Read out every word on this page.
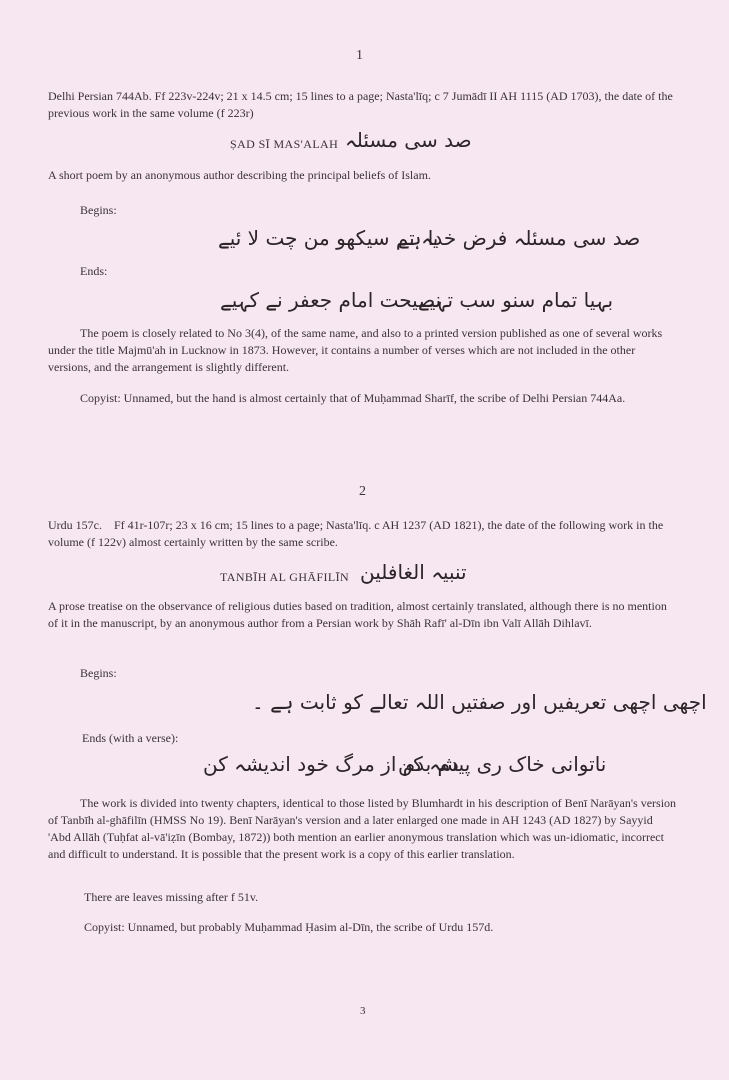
1
Delhi Persian 744Ab. Ff 223v-224v; 21 x 14.5 cm; 15 lines to a page; Nasta'līq; c 7 Jumādī II AH 1115 (AD 1703), the date of the previous work in the same volume (f 223r)
ṢAD SĪ MAS'ALAH صد سی مسئلہ
A short poem by an anonymous author describing the principal beliefs of Islam.
Begins:
صد سی مسئلہ فرض خدا ہے
یہ تم سیکھو من چت لا ئیے
Ends:
بہیا تمام سنو سب تہیے
نصیحت امام جعفر نے کہیے
The poem is closely related to No 3(4), of the same name, and also to a printed version published as one of several works under the title Majmū'ah in Lucknow in 1873. However, it contains a number of verses which are not included in the other versions, and the arrangement is slightly different.
Copyist: Unnamed, but the hand is almost certainly that of Muḥammad Sharīf, the scribe of Delhi Persian 744Aa.
2
Urdu 157c.    Ff 41r-107r; 23 x 16 cm; 15 lines to a page; Nasta'līq. c AH 1237 (AD 1821), the date of the following work in the volume (f 122v) almost certainly written by the same scribe.
TANBĪH AL GHĀFILĪN تنبیہ الغافلین
A prose treatise on the observance of religious duties based on tradition, almost certainly translated, although there is no mention of it in the manuscript, by an anonymous author from a Persian work by Shāh Rafī' al-Dīn ibn Valī Allāh Dihlavī.
Begins:
اچھی اچھی تعریفیں اور صفتیں اللہ تعالے کو ثابت ہے ۔
Ends (with a verse):
ناتوانی خاک ری پیشہ کن
دم بدم از مرگ خود اندیشہ کن
The work is divided into twenty chapters, identical to those listed by Blumhardt in his description of Benī Narāyan's version of Tanbīh al-ghāfilīn (HMSS No 19). Benī Narāyan's version and a later enlarged one made in AH 1243 (AD 1827) by Sayyid 'Abd Allāh (Tuḥfat al-vā'iẓīn (Bombay, 1872)) both mention an earlier anonymous translation which was un-idiomatic, incorrect and difficult to understand. It is possible that the present work is a copy of this earlier translation.
There are leaves missing after f 51v.
Copyist: Unnamed, but probably Muḥammad Ḥasim al-Dīn, the scribe of Urdu 157d.
3
